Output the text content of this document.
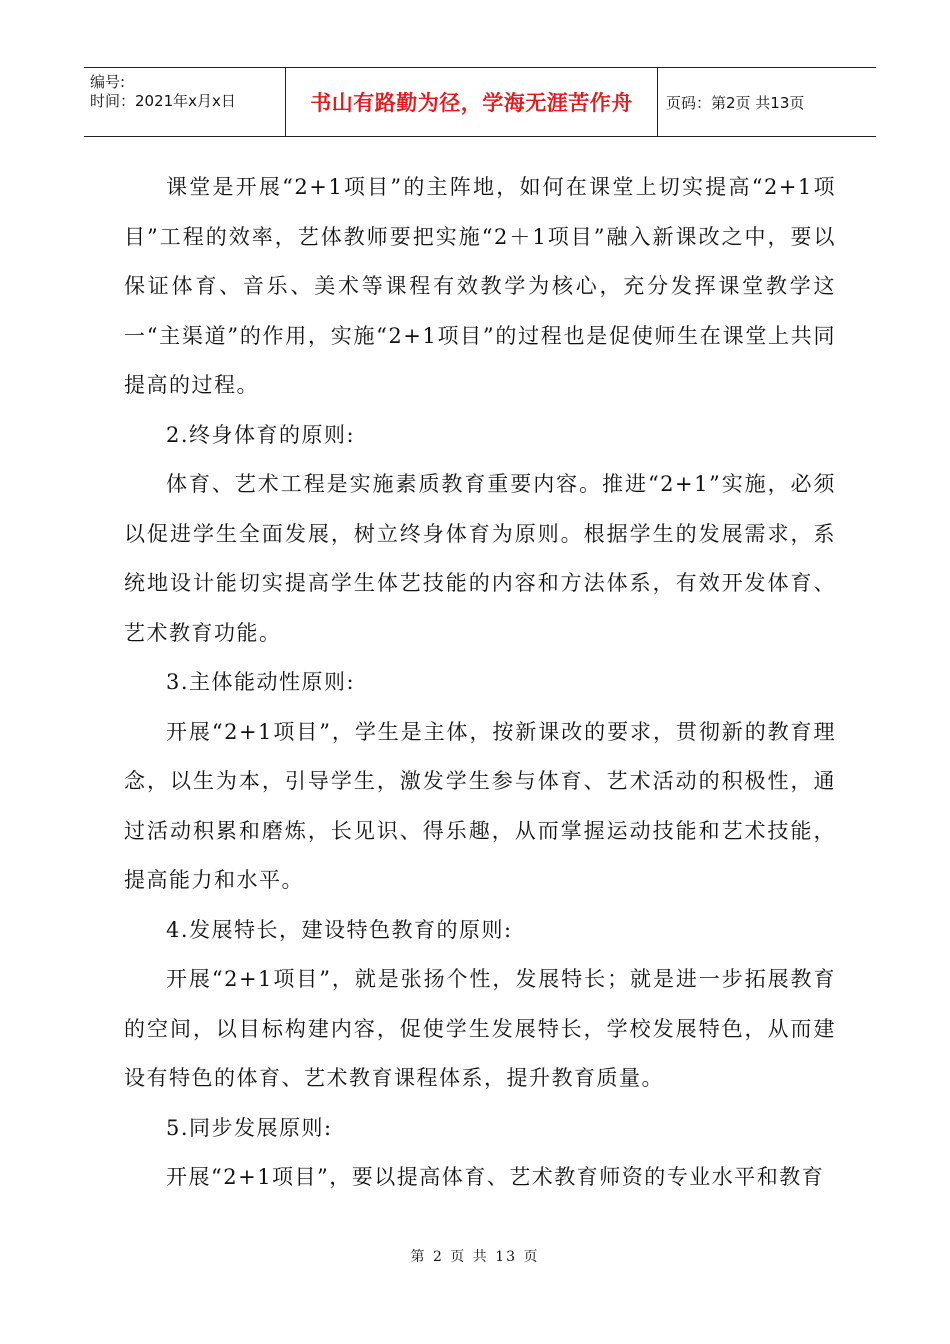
编号:
时间：2021年x月x日	书山有路勤为径，学海无涯苦作舟	页码：第2页 共13页

课堂是开展“2+1项目”的主阵地，如何在课堂上切实提高“2+1项目”工程的效率，艺体教师要把实施“2＋1项目”融入新课改之中，要以保证体育、音乐、美术等课程有效教学为核心，充分发挥课堂教学这一“主渠道”的作用，实施“2+1项目”的过程也是促使师生在课堂上共同提高的过程。

2.终身体育的原则:

体育、艺术工程是实施素质教育重要内容。推进“2+1”实施，必须以促进学生全面发展，树立终身体育为原则。根据学生的发展需求，系统地设计能切实提高学生体艺技能的内容和方法体系，有效开发体育、艺术教育功能。

3.主体能动性原则:

开展“2+1项目”，学生是主体，按新课改的要求，贯彻新的教育理念，以生为本，引导学生，激发学生参与体育、艺术活动的积极性，通过活动积累和磨炼，长见识、得乐趣，从而掌握运动技能和艺术技能，提高能力和水平。

4.发展特长，建设特色教育的原则:

开展“2+1项目”，就是张扬个性，发展特长；就是进一步拓展教育的空间，以目标构建内容，促使学生发展特长，学校发展特色，从而建设有特色的体育、艺术教育课程体系，提升教育质量。

5.同步发展原则:

开展“2+1项目”，要以提高体育、艺术教育师资的专业水平和教育

第 2 页 共 13 页
